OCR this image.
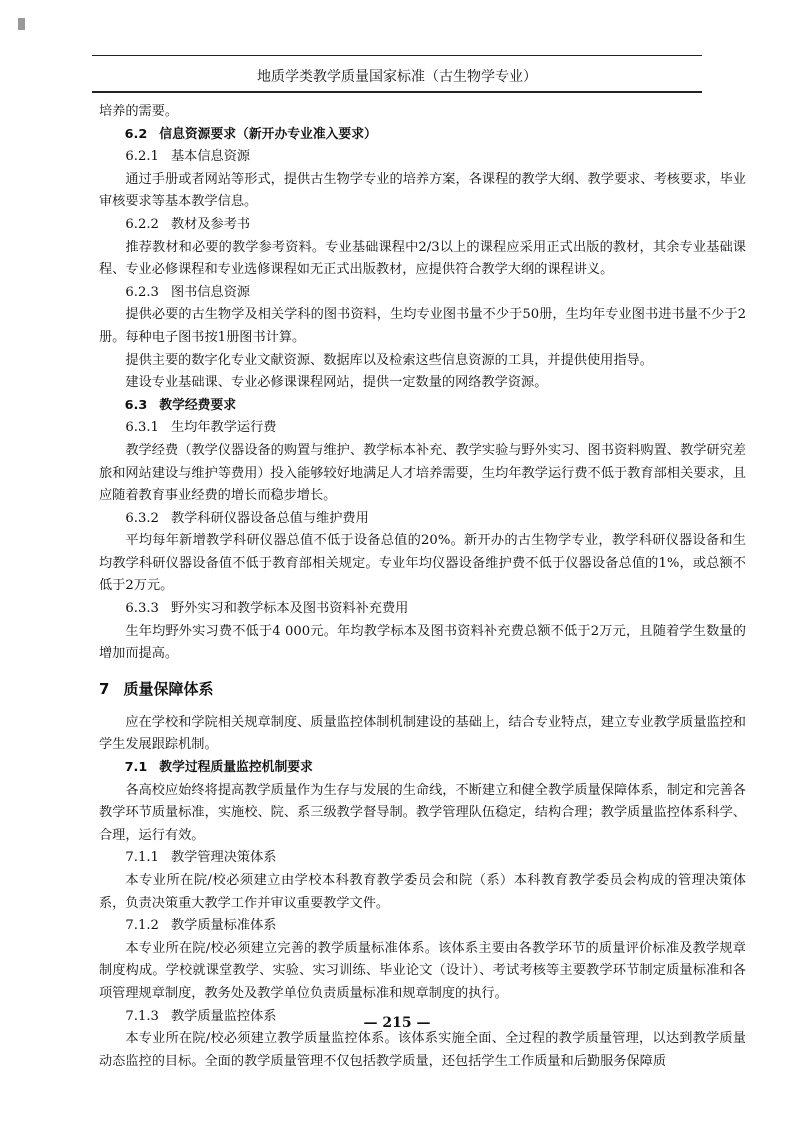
地质学类教学质量国家标准（古生物学专业）

培养的需要。

6.2 信息资源要求（新开办专业准入要求）

6.2.1 基本信息资源

通过手册或者网站等形式，提供古生物学专业的培养方案，各课程的教学大纲、教学要求、考核要求，毕业审核要求等基本教学信息。

6.2.2 教材及参考书

推荐教材和必要的教学参考资料。专业基础课程中2/3以上的课程应采用正式出版的教材，其余专业基础课程、专业必修课程和专业选修课程如无正式出版教材，应提供符合教学大纲的课程讲义。

6.2.3 图书信息资源

提供必要的古生物学及相关学科的图书资料，生均专业图书量不少于50册，生均年专业图书进书量不少于2册。每种电子图书按1册图书计算。

提供主要的数字化专业文献资源、数据库以及检索这些信息资源的工具，并提供使用指导。

建设专业基础课、专业必修课课程网站，提供一定数量的网络教学资源。

6.3 教学经费要求

6.3.1 生均年教学运行费

教学经费（教学仪器设备的购置与维护、教学标本补充、教学实验与野外实习、图书资料购置、教学研究差旅和网站建设与维护等费用）投入能够较好地满足人才培养需要，生均年教学运行费不低于教育部相关要求，且应随着教育事业经费的增长而稳步增长。

6.3.2 教学科研仪器设备总值与维护费用

平均每年新增教学科研仪器总值不低于设备总值的20%。新开办的古生物学专业，教学科研仪器设备和生均教学科研仪器设备值不低于教育部相关规定。专业年均仪器设备维护费不低于仪器设备总值的1%，或总额不低于2万元。

6.3.3 野外实习和教学标本及图书资料补充费用

生年均野外实习费不低于4 000元。年均教学标本及图书资料补充费总额不低于2万元，且随着学生数量的增加而提高。

7 质量保障体系

应在学校和学院相关规章制度、质量监控体制机制建设的基础上，结合专业特点，建立专业教学质量监控和学生发展跟踪机制。

7.1 教学过程质量监控机制要求

各高校应始终将提高教学质量作为生存与发展的生命线，不断建立和健全教学质量保障体系，制定和完善各教学环节质量标准，实施校、院、系三级教学督导制。教学管理队伍稳定，结构合理；教学质量监控体系科学、合理，运行有效。

7.1.1 教学管理决策体系

本专业所在院/校必须建立由学校本科教育教学委员会和院（系）本科教育教学委员会构成的管理决策体系，负责决策重大教学工作并审议重要教学文件。

7.1.2 教学质量标准体系

本专业所在院/校必须建立完善的教学质量标准体系。该体系主要由各教学环节的质量评价标准及教学规章制度构成。学校就课堂教学、实验、实习训练、毕业论文（设计）、考试考核等主要教学环节制定质量标准和各项管理规章制度，教务处及教学单位负责质量标准和规章制度的执行。

7.1.3 教学质量监控体系

本专业所在院/校必须建立教学质量监控体系。该体系实施全面、全过程的教学质量管理，以达到教学质量动态监控的目标。全面的教学质量管理不仅包括教学质量，还包括学生工作质量和后勤服务保障质

— 215 —
